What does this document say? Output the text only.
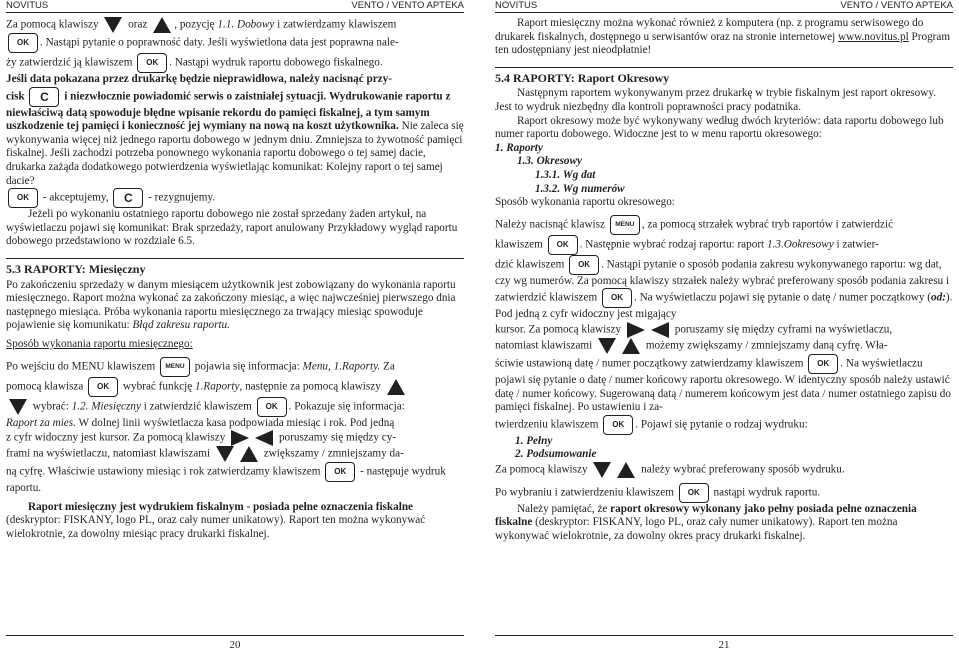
NOVITUS	VENTO / VENTO APTEKA

Za pomocą klawiszy	oraz , pozycję 1.1. Dobowy i zatwierdzamy klawiszem

OK . Nastąpi pytanie o poprawność daty. Jeśli wyświetlona data jest poprawna nale-

ży zatwierdzić ją klawiszem OK . Nastąpi wydruk raportu dobowego fiskalnego.

Jeśli data pokazana przez drukarkę będzie nieprawidłowa, należy nacisnąć przy-

cisk C i niezwłocznie powiadomić serwis o zaistniałej sytuacji. Wydrukowanie raportu z niewłaściwą datą spowoduje błędne wpisanie rekordu do pamięci fiskalnej, a tym samym uszkodzenie tej pamięci i konieczność jej wymiany na nową na koszt użytkownika. Nie zaleca się wykonywania więcej niż jednego raportu dobowego w jednym dniu. Zmniejsza to żywotność pamięci fiskalnej. Jeśli zachodzi potrzeba ponownego wykonania raportu dobowego o tej samej dacie, drukarka zażąda dodatkowego potwierdzenia wyświetlając komunikat: Kolejny raport o tej samej dacie?

OK - akceptujemy, C - rezygnujemy.

Jeżeli po wykonaniu ostatniego raportu dobowego nie został sprzedany żaden artykuł, na wyświetlaczu pojawi się komunikat: Brak sprzedaży, raport anulowany Przykładowy wygląd raportu dobowego przedstawiono w rozdziale 6.5.

5.3 RAPORTY: Miesięczny

Po zakończeniu sprzedaży w danym miesiącem użytkownik jest zobowiązany do wykonania raportu miesięcznego. Raport można wykonać za zakończony miesiąc, a więc najwcześniej pierwszego dnia następnego miesiąca. Próba wykonania raportu miesięcznego za trwający miesiąc spowoduje pojawienie się komunikatu: Błąd zakresu raportu.

Sposób wykonania raportu miesięcznego:

Po wejściu do MENU klawiszem MENU pojawia się informacja: Menu, 1.Raporty. Za

pomocą klawisza OK wybrać funkcję 1.Raporty, następnie za pomocą klawiszy

wybrać: 1.2. Miesięczny i zatwierdzić klawiszem OK . Pokazuje się informacja:

Raport za mies. W dolnej linii wyświetlacza kasa podpowiada miesiąc i rok. Pod jedną

z cyfr widoczny jest kursor. Za pomocą klawiszy	poruszamy się między cy-

frami na wyświetlaczu, natomiast klawiszami	zwiększamy / zmniejszamy da-

ną cyfrę. Właściwie ustawiony miesiąc i rok zatwierdzamy klawiszem OK - następuje wydruk raportu.

Raport miesięczny jest wydrukiem fiskalnym - posiada pełne oznaczenia fiskalne (deskryptor: FISKANY, logo PL, oraz cały numer unikatowy). Raport ten można wykonywać wielokrotnie, za dowolny miesiąc pracy drukarki fiskalnej.

20
NOVITUS	VENTO / VENTO APTEKA

Raport miesięczny można wykonać również z komputera (np. z programu serwisowego do drukarek fiskalnych, dostępnego u serwisantów oraz na stronie internetowej www.novitus.pl Program ten udostępniany jest nieodpłatnie!

5.4 RAPORTY: Raport Okresowy

Następnym raportem wykonywanym przez drukarkę w trybie fiskalnym jest raport okresowy. Jest to wydruk niezbędny dla kontroli poprawności pracy podatnika.

Raport okresowy może być wykonywany według dwóch kryteriów: data raportu dobowego lub numer raportu dobowego. Widoczne jest to w menu raportu okresowego:

1. Raporty

1.3. Okresowy

1.3.1. Wg dat

1.3.2. Wg numerów

Sposób wykonania raportu okresowego:

Należy nacisnąć klawisz MENU , za pomocą strzałek wybrać tryb raportów i zatwierdzić

klawiszem OK . Następnie wybrać rodzaj raportu: raport 1.3.Ookresowy i zatwier-

dzić klawiszem OK . Nastąpi pytanie o sposób podania zakresu wykonywanego raportu: wg dat, czy wg numerów. Za pomocą klawiszy strzałek należy wybrać preferowany sposób podania zakresu i zatwierdzić klawiszem OK . Na wyświetlaczu pojawi się pytanie o datę / numer początkowy (od:). Pod jedną z cyfr widoczny jest migający

kursor. Za pomocą klawiszy	poruszamy się między cyframi na wyświetlaczu,

natomiast klawiszami	możemy zwiększamy / zmniejszamy daną cyfrę. Wła-

ściwie ustawioną datę / numer początkowy zatwierdzamy klawiszem OK . Na wyświetlaczu pojawi się pytanie o datę / numer końcowy raportu okresowego. W identyczny sposób należy ustawić datę / numer końcowy. Sugerowaną datą / numerem końcowym jest data / numer ostatniego zapisu do pamięci fiskalnej. Po ustawieniu i za-

twierdzeniu klawiszem OK . Pojawi się pytanie o rodzaj wydruku:

1. Pełny

2. Podsumowanie

Za pomocą klawiszy	należy wybrać preferowany sposób wydruku.

Po wybraniu i zatwierdzeniu klawiszem OK nastąpi wydruk raportu.

Należy pamiętać, że raport okresowy wykonany jako pełny posiada pełne oznaczenia fiskalne (deskryptor: FISKANY, logo PL, oraz cały numer unikatowy). Raport ten można wykonywać wielokrotnie, za dowolny okres pracy drukarki fiskalnej.

21
